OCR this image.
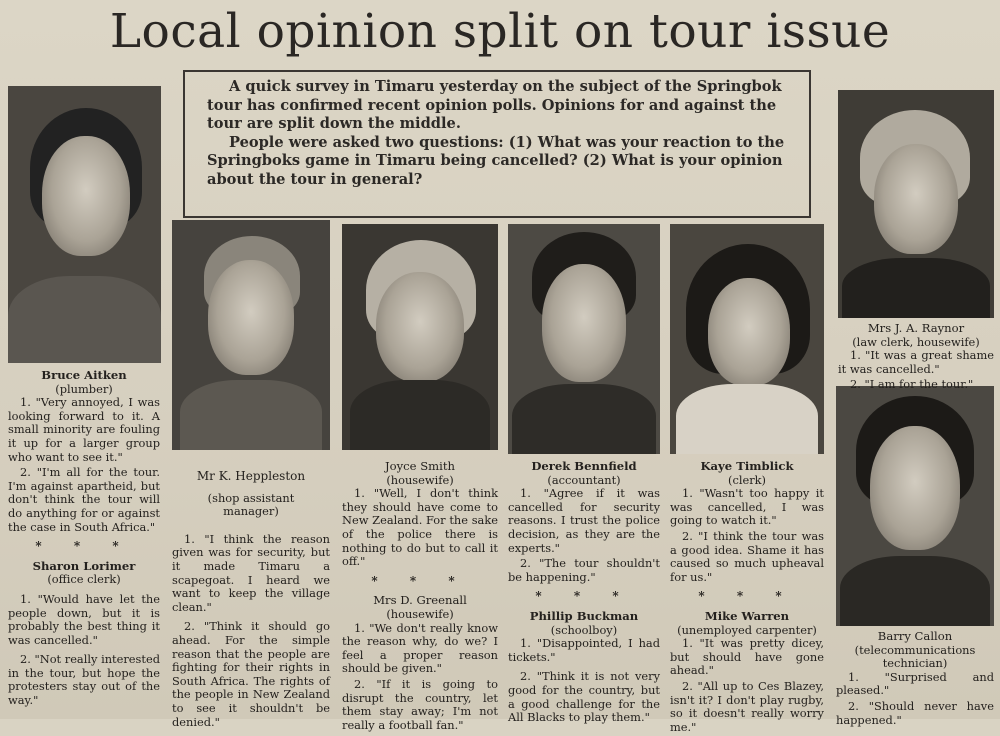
Local opinion split on tour issue

A quick survey in Timaru yesterday on the subject of the Springbok tour has confirmed recent opinion polls. Opinions for and against the tour are split down the middle.

People were asked two questions: (1) What was your reaction to the Springboks game in Timaru being cancelled? (2) What is your opinion about the tour in general?

Bruce Aitken
(plumber)

1. "Very annoyed, I was looking forward to it. A small minority are fouling it up for a larger group who want to see it."

2. "I'm all for the tour. I'm against apartheid, but don't think the tour will do anything for or against the case in South Africa."

* * *
Sharon Lorimer
(office clerk)

1. "Would have let the people down, but it is probably the best thing it was cancelled."

2. "Not really interested in the tour, but hope the protesters stay out of the way."

Mr K. Heppleston
(shop assistant manager)

1. "I think the reason given was for security, but it made Timaru a scapegoat. I heard we want to keep the village clean."

2. "Think it should go ahead. For the simple reason that the people are fighting for their rights in South Africa. The rights of the people in New Zealand to see it shouldn't be denied."

Joyce Smith
(housewife)

1. "Well, I don't think they should have come to New Zealand. For the sake of the police there is nothing to do but to call it off."

* * *
Mrs D. Greenall
(housewife)

1. "We don't really know the reason why, do we? I feel a proper reason should be given."

2. "If it is going to disrupt the country, let them stay away; I'm not really a football fan."

Derek Bennfield
(accountant)

1. "Agree if it was cancelled for security reasons. I trust the police decision, as they are the experts."

2. "The tour shouldn't be happening."

* * *
Phillip Buckman
(schoolboy)

1. "Disappointed, I had tickets."

2. "Think it is not very good for the country, but a good challenge for the All Blacks to play them."

Kaye Timblick
(clerk)

1. "Wasn't too happy it was cancelled, I was going to watch it."

2. "I think the tour was a good idea. Shame it has caused so much upheaval for us."

* * *
Mike Warren
(unemployed carpenter)

1. "It was pretty dicey, but should have gone ahead."

2. "All up to Ces Blazey, isn't it? I don't play rugby, so it doesn't really worry me."

Mrs J. A. Raynor
(law clerk, housewife)

1. "It was a great shame it was cancelled."

2. "I am for the tour."

Barry Callon
(telecommunications technician)

1. "Surprised and pleased."

2. "Should never have happened."
